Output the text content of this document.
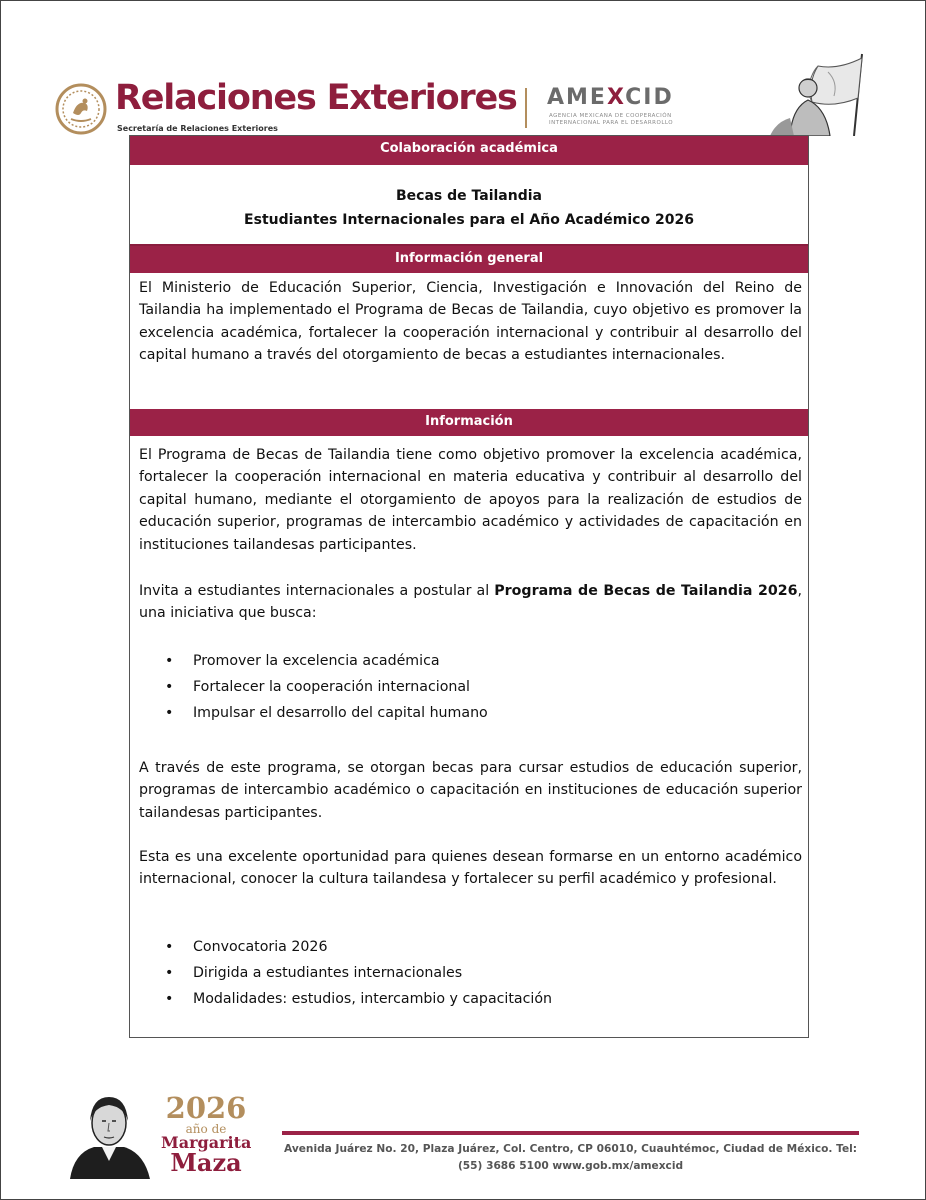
Relaciones Exteriores
Secretaría de Relaciones Exteriores
AMEXCID
AGENCIA MEXICANA DE COOPERACIÓN
INTERNACIONAL PARA EL DESARROLLO
Colaboración académica
Becas de Tailandia
Estudiantes Internacionales para el Año Académico 2026
Información general

El Ministerio de Educación Superior, Ciencia, Investigación e Innovación del Reino de Tailandia ha implementado el Programa de Becas de Tailandia, cuyo objetivo es promover la excelencia académica, fortalecer la cooperación internacional y contribuir al desarrollo del capital humano a través del otorgamiento de becas a estudiantes internacionales.

Información

El Programa de Becas de Tailandia tiene como objetivo promover la excelencia académica, fortalecer la cooperación internacional en materia educativa y contribuir al desarrollo del capital humano, mediante el otorgamiento de apoyos para la realización de estudios de educación superior, programas de intercambio académico y actividades de capacitación en instituciones tailandesas participantes.

Invita a estudiantes internacionales a postular al Programa de Becas de Tailandia 2026, una iniciativa que busca:

• Promover la excelencia académica
• Fortalecer la cooperación internacional
• Impulsar el desarrollo del capital humano

A través de este programa, se otorgan becas para cursar estudios de educación superior, programas de intercambio académico o capacitación en instituciones de educación superior tailandesas participantes.

Esta es una excelente oportunidad para quienes desean formarse en un entorno académico internacional, conocer la cultura tailandesa y fortalecer su perfil académico y profesional.

• Convocatoria 2026
• Dirigida a estudiantes internacionales
• Modalidades: estudios, intercambio y capacitación
2026
año de
Margarita
Maza	Avenida Juárez No. 20, Plaza Juárez, Col. Centro, CP 06010, Cuauhtémoc, Ciudad de México. Tel:
(55) 3686 5100 www.gob.mx/amexcid
